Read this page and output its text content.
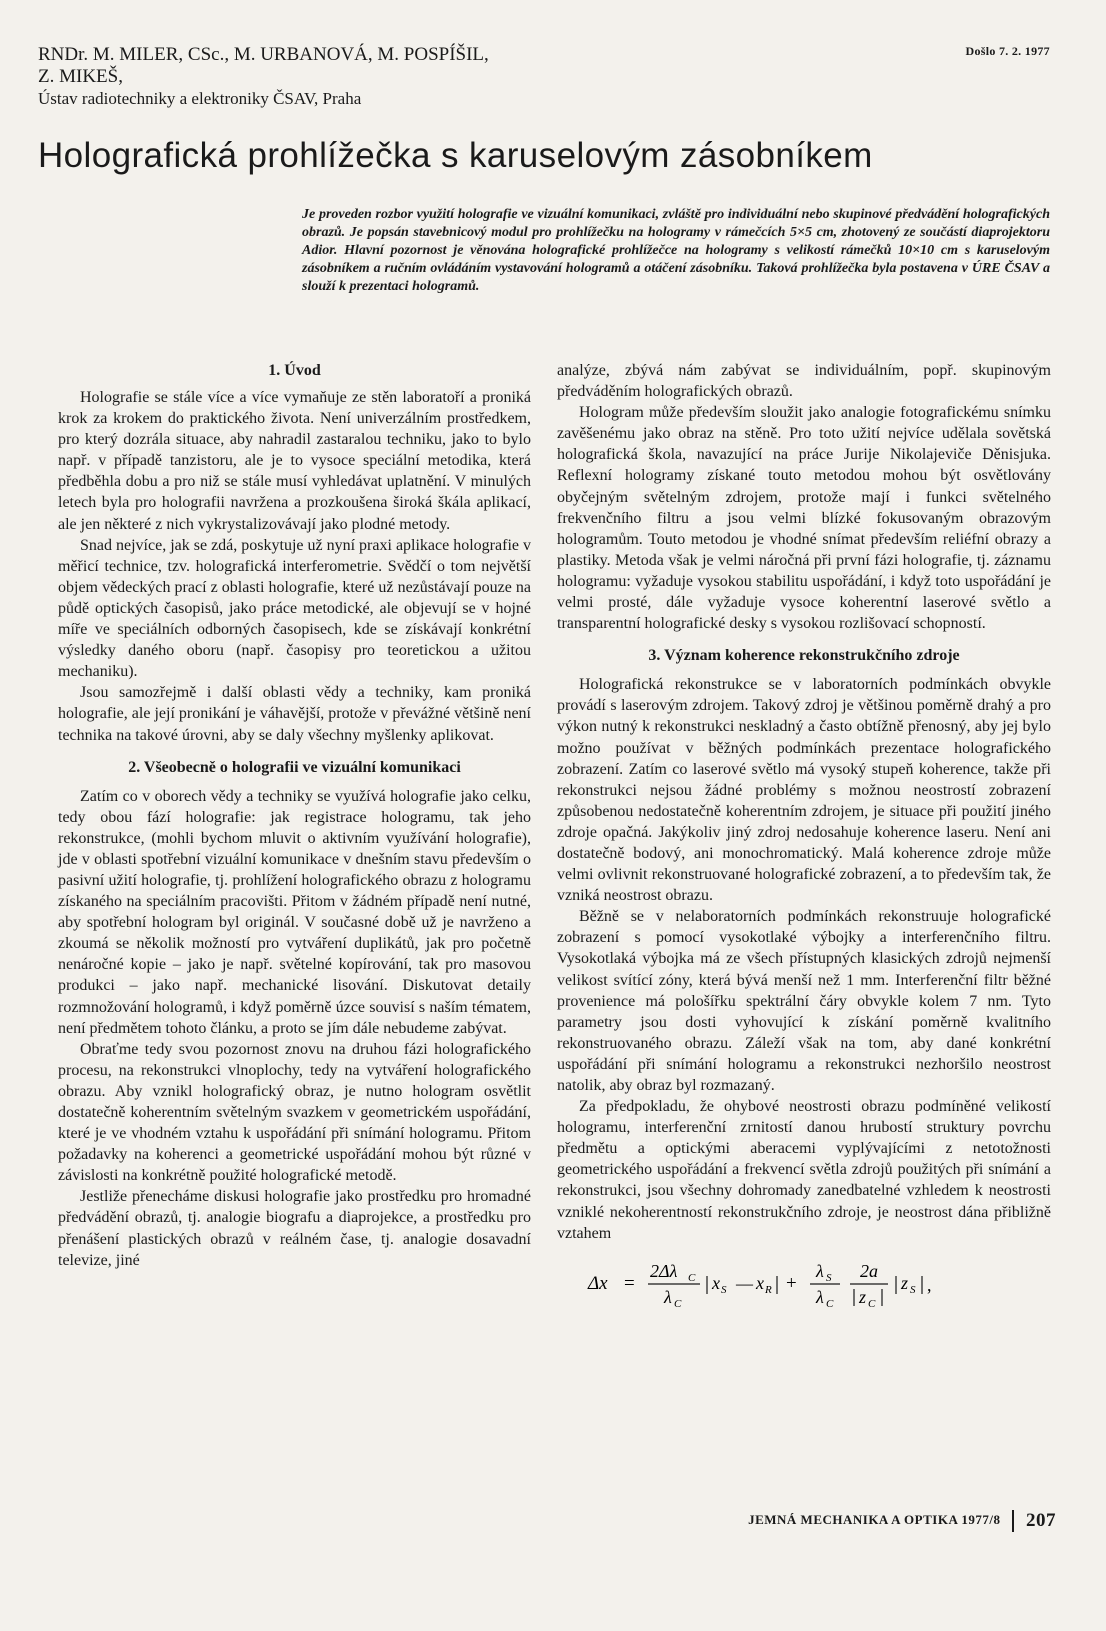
RNDr. M. MILER, CSc., M. URBANOVÁ, M. POSPÍŠIL,
Z. MIKEŠ,
Ústav radiotechniky a elektroniky ČSAV, Praha
Došlo 7. 2. 1977
Holografická prohlížečka s karuselovým zásobníkem

Je proveden rozbor využití holografie ve vizuální komunikaci, zvláště pro individuální nebo skupinové předvádění holografických obrazů. Je popsán stavebnicový modul pro prohlížečku na hologramy v rámečcích 5×5 cm, zhotovený ze součástí diaprojektoru Adior. Hlavní pozornost je věnována holografické prohlížečce na hologramy s velikostí rámečků 10×10 cm s karuselovým zásobníkem a ručním ovládáním vystavování hologramů a otáčení zásobníku. Taková prohlížečka byla postavena v ÚRE ČSAV a slouží k prezentaci hologramů.

1. Úvod

Holografie se stále více a více vymaňuje ze stěn laboratoří a proniká krok za krokem do praktického života. Není univerzálním prostředkem, pro který dozrála situace, aby nahradil zastaralou techniku, jako to bylo např. v případě tanzistoru, ale je to vysoce speciální metodika, která předběhla dobu a pro niž se stále musí vyhledávat uplatnění. V minulých letech byla pro holografii navržena a prozkoušena široká škála aplikací, ale jen některé z nich vykrystalizovávají jako plodné metody.

Snad nejvíce, jak se zdá, poskytuje už nyní praxi aplikace holografie v měřicí technice, tzv. holografická interferometrie. Svědčí o tom největší objem vědeckých prací z oblasti holografie, které už nezůstávají pouze na půdě optických časopisů, jako práce metodické, ale objevují se v hojné míře ve speciálních odborných časopisech, kde se získávají konkrétní výsledky daného oboru (např. časopisy pro teoretickou a užitou mechaniku).

Jsou samozřejmě i další oblasti vědy a techniky, kam proniká holografie, ale její pronikání je váhavější, protože v převážné většině není technika na takové úrovni, aby se daly všechny myšlenky aplikovat.

2. Všeobecně o holografii ve vizuální komunikaci

Zatím co v oborech vědy a techniky se využívá holografie jako celku, tedy obou fází holografie: jak registrace hologramu, tak jeho rekonstrukce, (mohli bychom mluvit o aktivním využívání holografie), jde v oblasti spotřební vizuální komunikace v dnešním stavu především o pasivní užití holografie, tj. prohlížení holografického obrazu z hologramu získaného na speciálním pracovišti. Přitom v žádném případě není nutné, aby spotřební hologram byl originál. V současné době už je navrženo a zkoumá se několik možností pro vytváření duplikátů, jak pro početně nenáročné kopie – jako je např. světelné kopírování, tak pro masovou produkci – jako např. mechanické lisování. Diskutovat detaily rozmnožování hologramů, i když poměrně úzce souvisí s naším tématem, není předmětem tohoto článku, a proto se jím dále nebudeme zabývat.

Obraťme tedy svou pozornost znovu na druhou fázi holografického procesu, na rekonstrukci vlnoplochy, tedy na vytváření holografického obrazu. Aby vznikl holografický obraz, je nutno hologram osvětlit dostatečně koherentním světelným svazkem v geometrickém uspořádání, které je ve vhodném vztahu k uspořádání při snímání hologramu. Přitom požadavky na koherenci a geometrické uspořádání mohou být různé v závislosti na konkrétně použité holografické metodě.

Jestliže přenecháme diskusi holografie jako prostředku pro hromadné předvádění obrazů, tj. analogie biografu a diaprojekce, a prostředku pro přenášení plastických obrazů v reálném čase, tj. analogie dosavadní televize, jiné

analýze, zbývá nám zabývat se individuálním, popř. skupinovým předváděním holografických obrazů.

Hologram může především sloužit jako analogie fotografickému snímku zavěšenému jako obraz na stěně. Pro toto užití nejvíce udělala sovětská holografická škola, navazující na práce Jurije Nikolajeviče Děnisjuka. Reflexní hologramy získané touto metodou mohou být osvětlovány obyčejným světelným zdrojem, protože mají i funkci světelného frekvenčního filtru a jsou velmi blízké fokusovaným obrazovým hologramům. Touto metodou je vhodné snímat především reliéfní obrazy a plastiky. Metoda však je velmi náročná při první fázi holografie, tj. záznamu hologramu: vyžaduje vysokou stabilitu uspořádání, i když toto uspořádání je velmi prosté, dále vyžaduje vysoce koherentní laserové světlo a transparentní holografické desky s vysokou rozlišovací schopností.

3. Význam koherence rekonstrukčního zdroje

Holografická rekonstrukce se v laboratorních podmínkách obvykle provádí s laserovým zdrojem. Takový zdroj je většinou poměrně drahý a pro výkon nutný k rekonstrukci neskladný a často obtížně přenosný, aby jej bylo možno používat v běžných podmínkách prezentace holografického zobrazení. Zatím co laserové světlo má vysoký stupeň koherence, takže při rekonstrukci nejsou žádné problémy s možnou neostrostí zobrazení způsobenou nedostatečně koherentním zdrojem, je situace při použití jiného zdroje opačná. Jakýkoliv jiný zdroj nedosahuje koherence laseru. Není ani dostatečně bodový, ani monochromatický. Malá koherence zdroje může velmi ovlivnit rekonstruované holografické zobrazení, a to především tak, že vzniká neostrost obrazu.

Běžně se v nelaboratorních podmínkách rekonstruuje holografické zobrazení s pomocí vysokotlaké výbojky a interferenčního filtru. Vysokotlaká výbojka má ze všech přístupných klasických zdrojů nejmenší velikost svítící zóny, která bývá menší než 1 mm. Interferenční filtr běžné provenience má pološířku spektrální čáry obvykle kolem 7 nm. Tyto parametry jsou dosti vyhovující k získání poměrně kvalitního rekonstruovaného obrazu. Záleží však na tom, aby dané konkrétní uspořádání při snímání hologramu a rekonstrukci nezhoršilo neostrost natolik, aby obraz byl rozmazaný.

Za předpokladu, že ohybové neostrosti obrazu podmíněné velikostí hologramu, interferenční zrnitostí danou hrubostí struktury povrchu předmětu a optickými aberacemi vyplývajícími z netotožnosti geometrického uspořádání a frekvencí světla zdrojů použitých při snímání a rekonstrukci, jsou všechny dohromady zanedbatelné vzhledem k neostrosti vzniklé nekoherentností rekonstrukčního zdroje, je neostrost dána přibližně vztahem

Δx =
2Δλ C
λ C
x S — x R +
λ S
λ C
2a
z C
z S ,
JEMNÁ MECHANIKA A OPTIKA 1977/8 207
